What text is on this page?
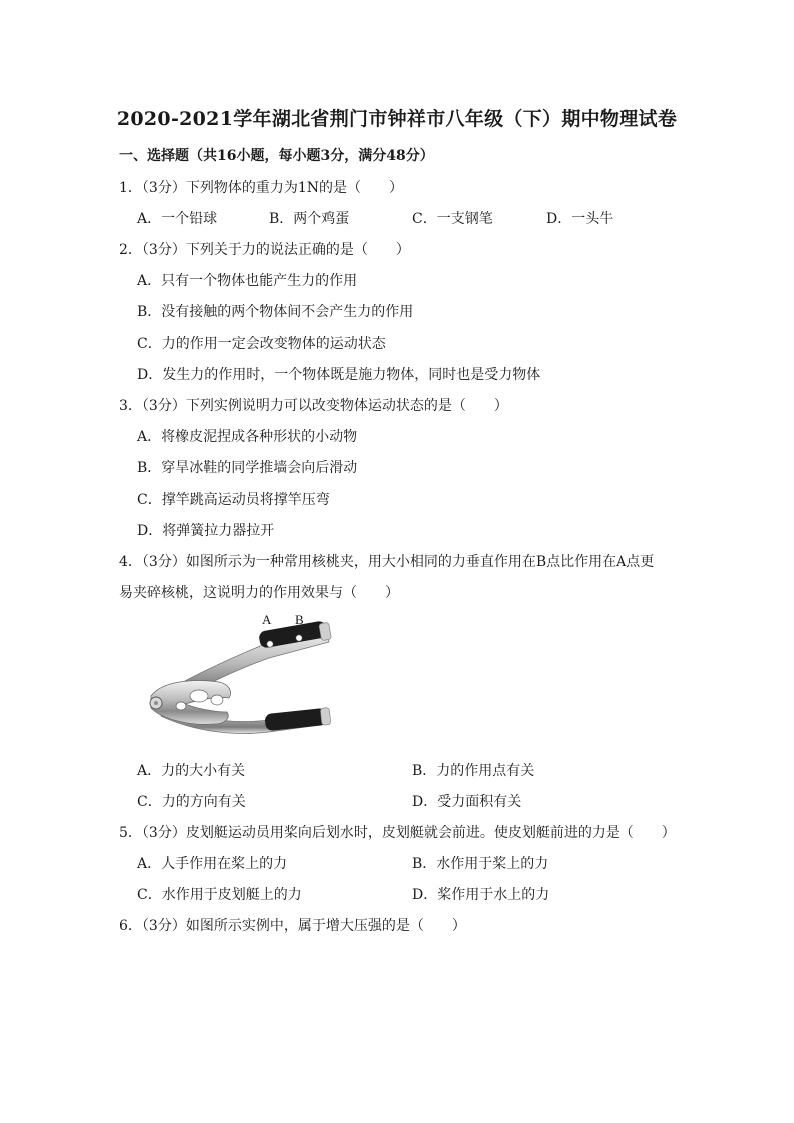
2020-2021学年湖北省荆门市钟祥市八年级（下）期中物理试卷
一、选择题（共16小题，每小题3分，满分48分）
1．（3分）下列物体的重力为1N的是（　　）
A．一个铅球	B．两个鸡蛋	C．一支钢笔	D．一头牛
2．（3分）下列关于力的说法正确的是（　　）
A．只有一个物体也能产生力的作用
B．没有接触的两个物体间不会产生力的作用
C．力的作用一定会改变物体的运动状态
D．发生力的作用时，一个物体既是施力物体，同时也是受力物体
3．（3分）下列实例说明力可以改变物体运动状态的是（　　）
A．将橡皮泥捏成各种形状的小动物
B．穿旱冰鞋的同学推墙会向后滑动
C．撑竿跳高运动员将撑竿压弯
D．将弹簧拉力器拉开
4．（3分）如图所示为一种常用核桃夹，用大小相同的力垂直作用在B点比作用在A点更
易夹碎核桃，这说明力的作用效果与（　　）
A B
A．力的大小有关	B．力的作用点有关
C．力的方向有关	D．受力面积有关
5．（3分）皮划艇运动员用桨向后划水时，皮划艇就会前进。使皮划艇前进的力是（　　）
A．人手作用在桨上的力	B．水作用于桨上的力
C．水作用于皮划艇上的力	D．桨作用于水上的力
6．（3分）如图所示实例中，属于增大压强的是（　　）
